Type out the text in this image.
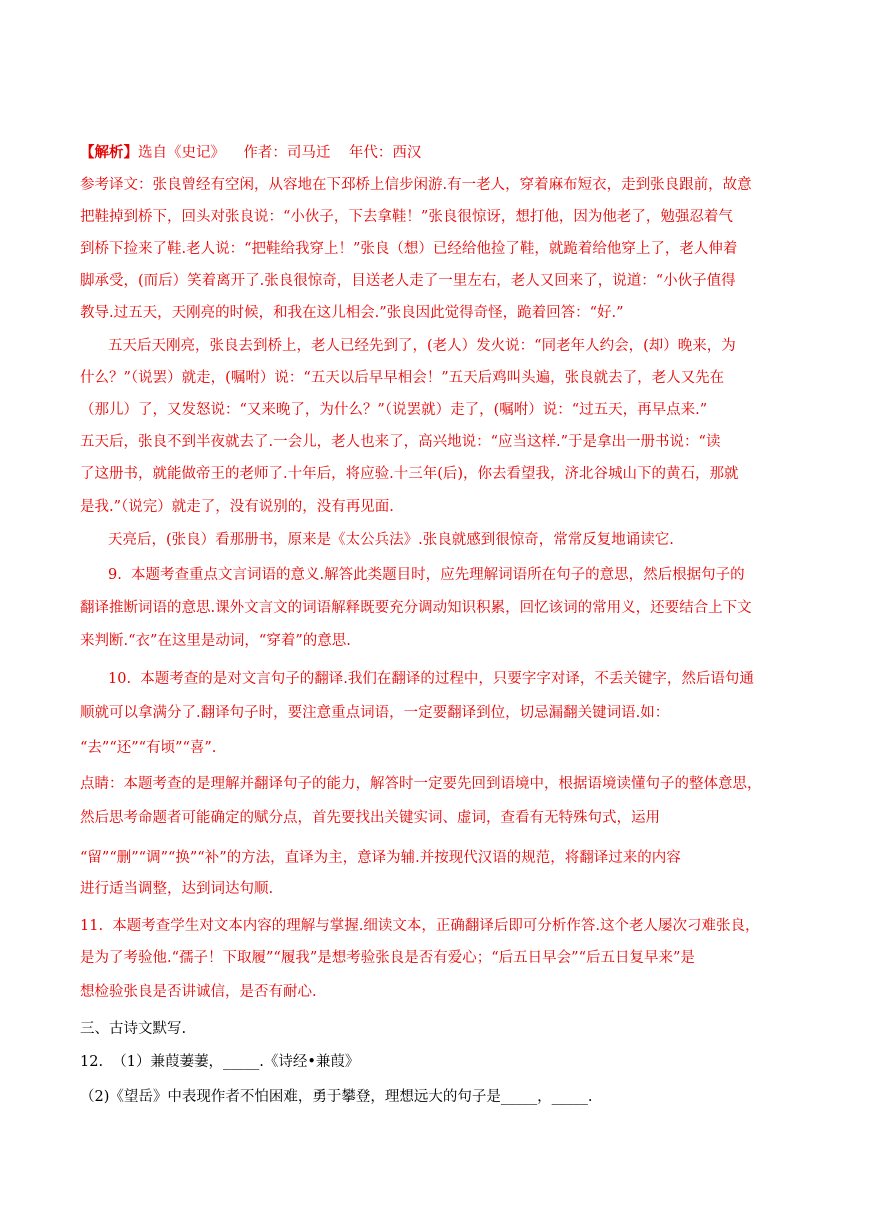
【解析】选自《史记》    作者：司马迁    年代：西汉
参考译文：张良曾经有空闲，从容地在下邳桥上信步闲游.有一老人，穿着麻布短衣，走到张良跟前，故意
把鞋掉到桥下，回头对张良说：“小伙子，下去拿鞋！”张良很惊讶，想打他，因为他老了，勉强忍着气
到桥下捡来了鞋.老人说：“把鞋给我穿上！”张良（想）已经给他捡了鞋，就跪着给他穿上了，老人伸着
脚承受，(而后）笑着离开了.张良很惊奇，目送老人走了一里左右，老人又回来了，说道：“小伙子值得
教导.过五天，天刚亮的时候，和我在这儿相会.”张良因此觉得奇怪，跪着回答：“好.”
五天后天刚亮，张良去到桥上，老人已经先到了，(老人）发火说：“同老年人约会，(却）晚来，为
什么？”（说罢）就走，(嘱咐）说：“五天以后早早相会！”五天后鸡叫头遍，张良就去了，老人又先在
（那儿）了，又发怒说：“又来晚了，为什么？”（说罢就）走了，(嘱咐）说：“过五天，再早点来.”
五天后，张良不到半夜就去了.一会儿，老人也来了，高兴地说：“应当这样.”于是拿出一册书说：“读
了这册书，就能做帝王的老师了.十年后，将应验.十三年(后)，你去看望我，济北谷城山下的黄石，那就
是我.”（说完）就走了，没有说别的，没有再见面.
天亮后，(张良）看那册书，原来是《太公兵法》.张良就感到很惊奇，常常反复地诵读它.
9.  本题考查重点文言词语的意义.解答此类题目时，应先理解词语所在句子的意思，然后根据句子的
翻译推断词语的意思.课外文言文的词语解释既要充分调动知识积累，回忆该词的常用义，还要结合上下文
来判断.“衣”在这里是动词，“穿着”的意思.
10.  本题考查的是对文言句子的翻译.我们在翻译的过程中，只要字字对译，不丢关键字，然后语句通
顺就可以拿满分了.翻译句子时，要注意重点词语，一定要翻译到位，切忌漏翻关键词语.如：
“去”“还”“有顷”“喜”.
点睛：本题考查的是理解并翻译句子的能力，解答时一定要先回到语境中，根据语境读懂句子的整体意思，
然后思考命题者可能确定的赋分点，首先要找出关键实词、虚词，查看有无特殊句式，运用
“留”“删”“调”“换”“补”的方法，直译为主，意译为辅.并按现代汉语的规范，将翻译过来的内容
进行适当调整，达到词达句顺.
11.  本题考查学生对文本内容的理解与掌握.细读文本，正确翻译后即可分析作答.这个老人屡次刁难张良，
是为了考验他.“孺子！下取履”“履我”是想考验张良是否有爱心；“后五日早会”“后五日复早来”是
想检验张良是否讲诚信，是否有耐心.
三、古诗文默写.
12.  （1）兼葭萋萋，_____.《诗经•兼葭》
（2)《望岳》中表现作者不怕困难，勇于攀登，理想远大的句子是_____，_____.
